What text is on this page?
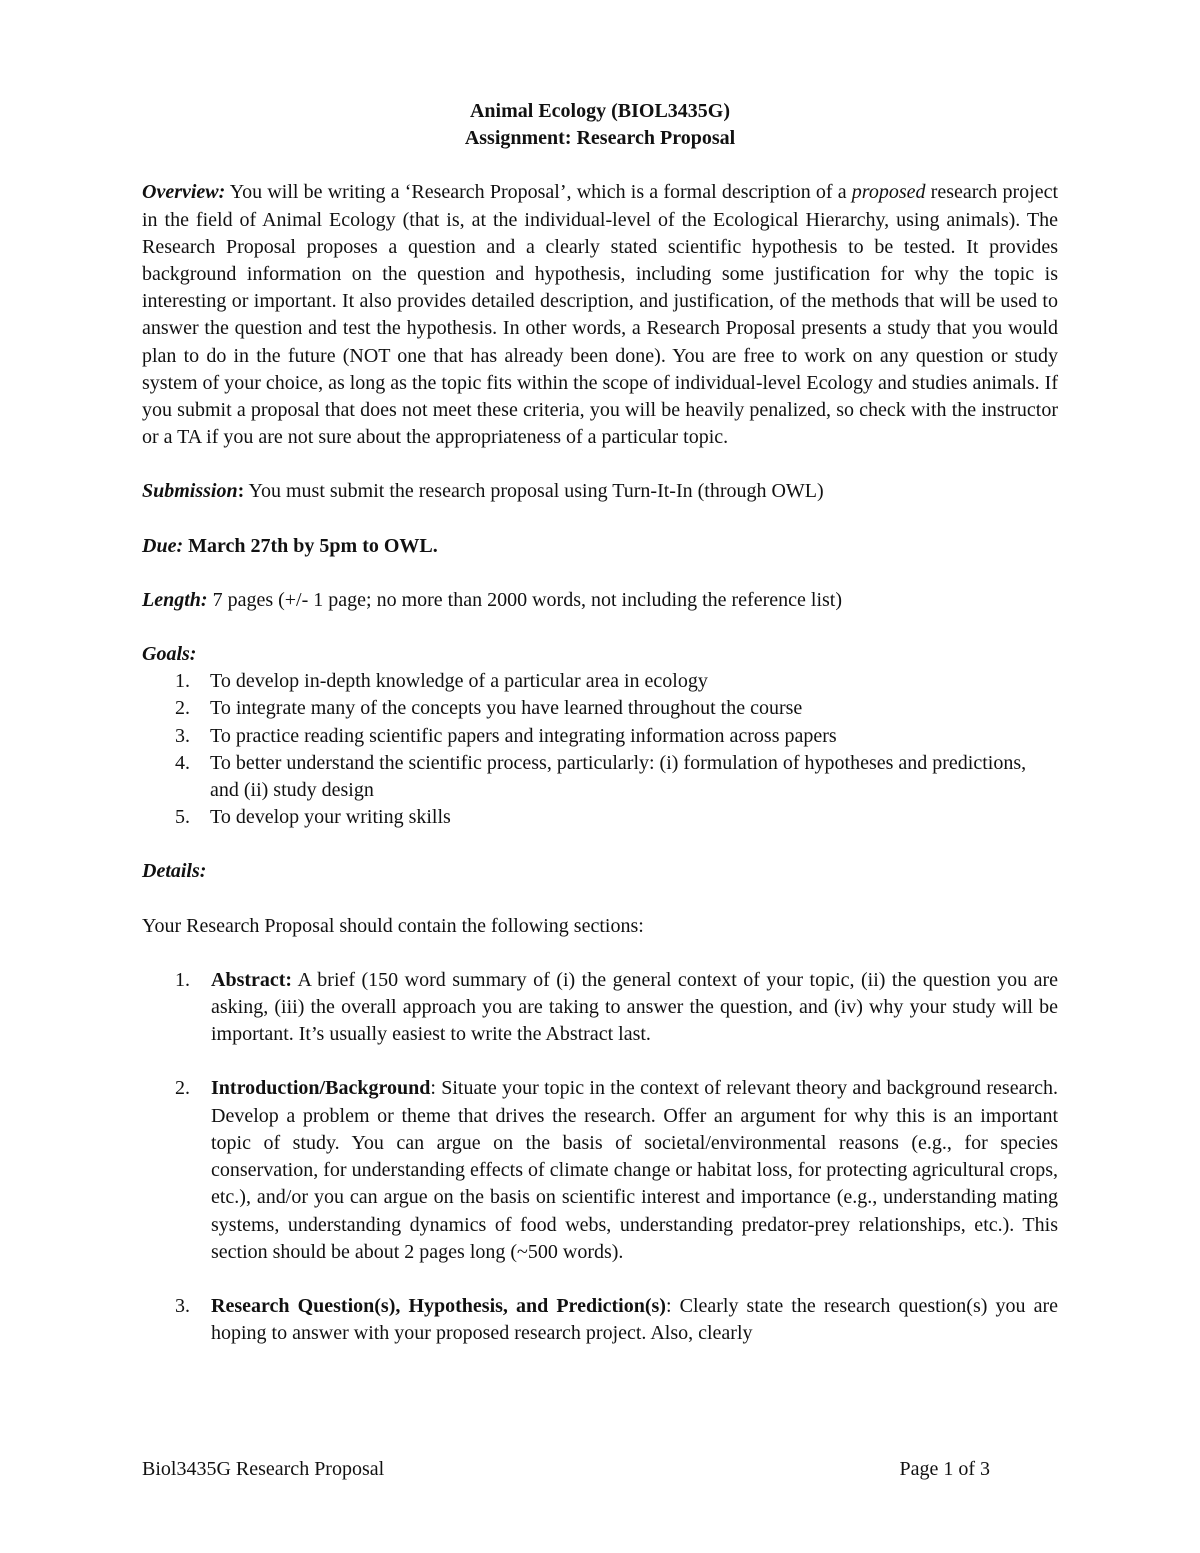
Animal Ecology (BIOL3435G)
Assignment: Research Proposal

Overview: You will be writing a ‘Research Proposal’, which is a formal description of a proposed research project in the field of Animal Ecology (that is, at the individual-level of the Ecological Hierarchy, using animals). The Research Proposal proposes a question and a clearly stated scientific hypothesis to be tested. It provides background information on the question and hypothesis, including some justification for why the topic is interesting or important. It also provides detailed description, and justification, of the methods that will be used to answer the question and test the hypothesis. In other words, a Research Proposal presents a study that you would plan to do in the future (NOT one that has already been done). You are free to work on any question or study system of your choice, as long as the topic fits within the scope of individual-level Ecology and studies animals. If you submit a proposal that does not meet these criteria, you will be heavily penalized, so check with the instructor or a TA if you are not sure about the appropriateness of a particular topic.

Submission: You must submit the research proposal using Turn-It-In (through OWL)

Due: March 27th by 5pm to OWL.

Length: 7 pages (+/- 1 page; no more than 2000 words, not including the reference list)

Goals:

1. To develop in-depth knowledge of a particular area in ecology
2. To integrate many of the concepts you have learned throughout the course
3. To practice reading scientific papers and integrating information across papers
4. To better understand the scientific process, particularly: (i) formulation of hypotheses and predictions, and (ii) study design
5. To develop your writing skills

Details:

Your Research Proposal should contain the following sections:

1. Abstract: A brief (150 word summary of (i) the general context of your topic, (ii) the question you are asking, (iii) the overall approach you are taking to answer the question, and (iv) why your study will be important. It’s usually easiest to write the Abstract last.
2. Introduction/Background: Situate your topic in the context of relevant theory and background research. Develop a problem or theme that drives the research. Offer an argument for why this is an important topic of study. You can argue on the basis of societal/environmental reasons (e.g., for species conservation, for understanding effects of climate change or habitat loss, for protecting agricultural crops, etc.), and/or you can argue on the basis on scientific interest and importance (e.g., understanding mating systems, understanding dynamics of food webs, understanding predator-prey relationships, etc.). This section should be about 2 pages long (~500 words).
3. Research Question(s), Hypothesis, and Prediction(s): Clearly state the research question(s) you are hoping to answer with your proposed research project. Also, clearly
Biol3435G Research Proposal	Page 1 of 3
